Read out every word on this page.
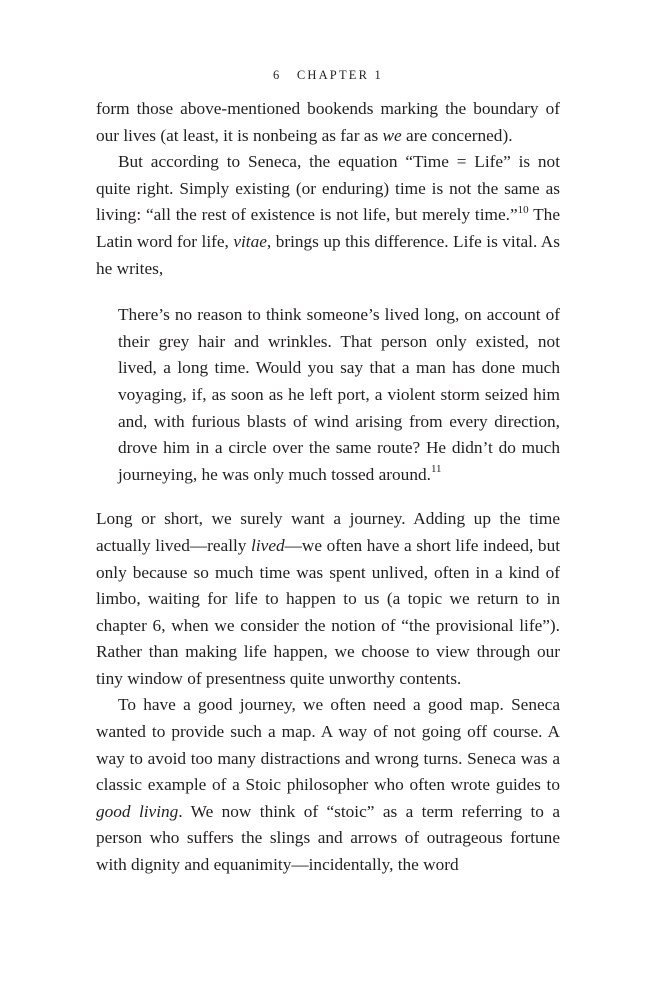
6 CHAPTER 1

form those above-mentioned bookends marking the boundary of our lives (at least, it is nonbeing as far as we are concerned).

But according to Seneca, the equation “Time = Life” is not quite right. Simply existing (or enduring) time is not the same as living: “all the rest of existence is not life, but merely time.”$^{10}$ The Latin word for life, vitae, brings up this difference. Life is vital. As he writes,

There’s no reason to think someone’s lived long, on account of their grey hair and wrinkles. That person only existed, not lived, a long time. Would you say that a man has done much voyaging, if, as soon as he left port, a violent storm seized him and, with furious blasts of wind arising from every direction, drove him in a circle over the same route? He didn’t do much journeying, he was only much tossed around.$^{11}$

Long or short, we surely want a journey. Adding up the time actually lived—really lived—we often have a short life indeed, but only because so much time was spent unlived, often in a kind of limbo, waiting for life to happen to us (a topic we return to in chapter 6, when we consider the notion of “the provisional life”). Rather than making life happen, we choose to view through our tiny window of presentness quite unworthy contents.

To have a good journey, we often need a good map. Seneca wanted to provide such a map. A way of not going off course. A way to avoid too many distractions and wrong turns. Seneca was a classic example of a Stoic philosopher who often wrote guides to good living. We now think of “stoic” as a term referring to a person who suffers the slings and arrows of outrageous fortune with dignity and equanimity—incidentally, the word
